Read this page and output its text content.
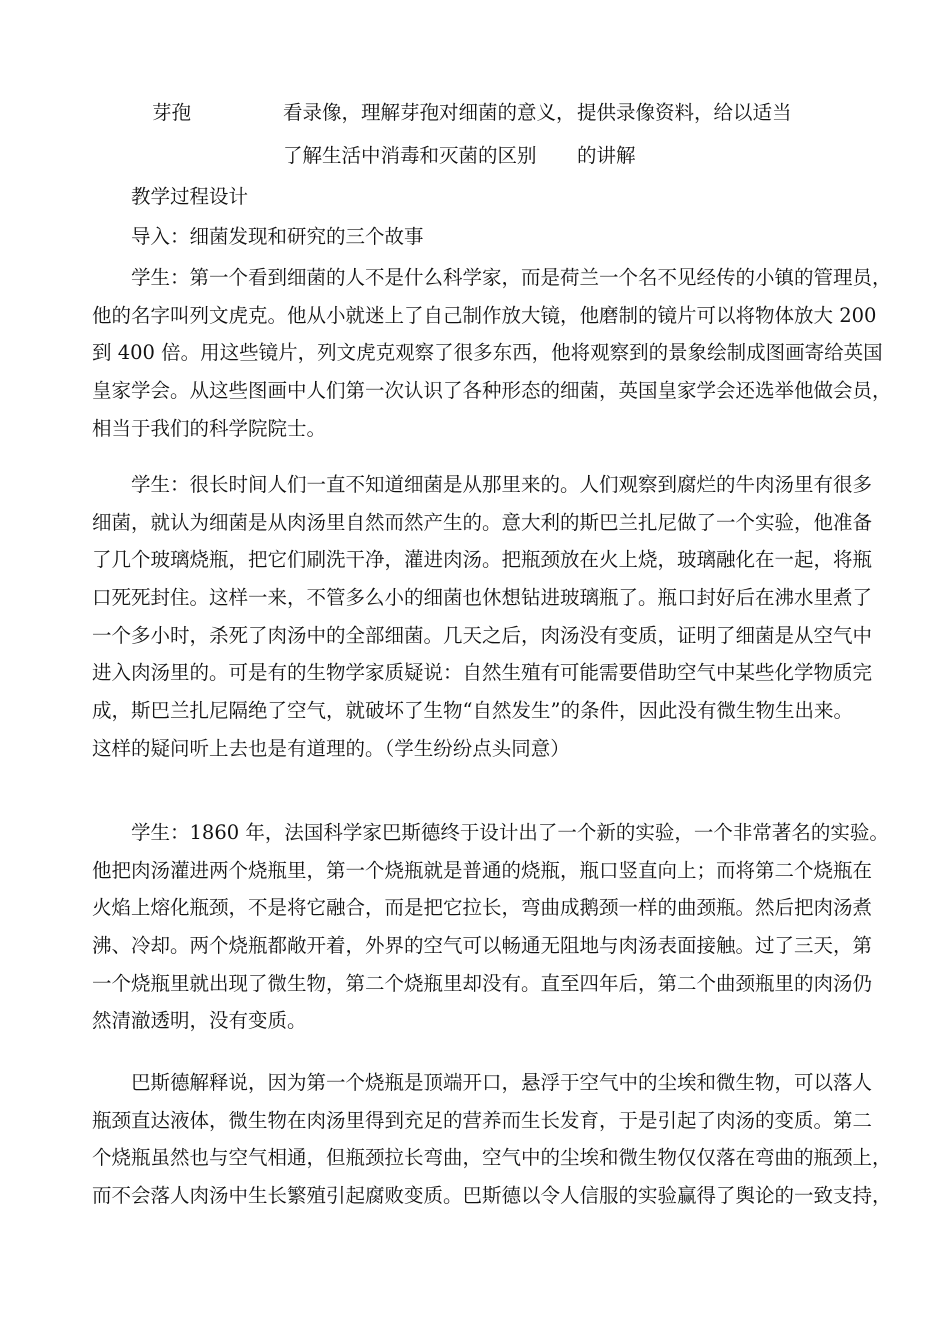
芽孢	看录像，理解芽孢对细菌的意义， 提供录像资料，给以适当
了解生活中消毒和灭菌的区别 的讲解
教学过程设计
导入：细菌发现和研究的三个故事
学生：第一个看到细菌的人不是什么科学家，而是荷兰一个名不见经传的小镇的管理员，
他的名字叫列文虎克。他从小就迷上了自己制作放大镜，他磨制的镜片可以将物体放大 200
到 400 倍。用这些镜片，列文虎克观察了很多东西，他将观察到的景象绘制成图画寄给英国
皇家学会。从这些图画中人们第一次认识了各种形态的细菌，英国皇家学会还选举他做会员，
相当于我们的科学院院士。
学生：很长时间人们一直不知道细菌是从那里来的。人们观察到腐烂的牛肉汤里有很多
细菌，就认为细菌是从肉汤里自然而然产生的。意大利的斯巴兰扎尼做了一个实验，他准备
了几个玻璃烧瓶，把它们刷洗干净，灌进肉汤。把瓶颈放在火上烧，玻璃融化在一起，将瓶
口死死封住。这样一来，不管多么小的细菌也休想钻进玻璃瓶了。瓶口封好后在沸水里煮了
一个多小时，杀死了肉汤中的全部细菌。几天之后，肉汤没有变质，证明了细菌是从空气中
进入肉汤里的。可是有的生物学家质疑说：自然生殖有可能需要借助空气中某些化学物质完
成，斯巴兰扎尼隔绝了空气，就破坏了生物“自然发生”的条件，因此没有微生物生出来。
这样的疑问听上去也是有道理的。（学生纷纷点头同意）
学生：1860 年，法国科学家巴斯德终于设计出了一个新的实验，一个非常著名的实验。
他把肉汤灌进两个烧瓶里，第一个烧瓶就是普通的烧瓶，瓶口竖直向上；而将第二个烧瓶在
火焰上熔化瓶颈，不是将它融合，而是把它拉长，弯曲成鹅颈一样的曲颈瓶。然后把肉汤煮
沸、冷却。两个烧瓶都敞开着，外界的空气可以畅通无阻地与肉汤表面接触。过了三天，第
一个烧瓶里就出现了微生物，第二个烧瓶里却没有。直至四年后，第二个曲颈瓶里的肉汤仍
然清澈透明，没有变质。
巴斯德解释说，因为第一个烧瓶是顶端开口，悬浮于空气中的尘埃和微生物，可以落人
瓶颈直达液体，微生物在肉汤里得到充足的营养而生长发育，于是引起了肉汤的变质。第二
个烧瓶虽然也与空气相通，但瓶颈拉长弯曲，空气中的尘埃和微生物仅仅落在弯曲的瓶颈上，
而不会落人肉汤中生长繁殖引起腐败变质。巴斯德以令人信服的实验赢得了舆论的一致支持，
